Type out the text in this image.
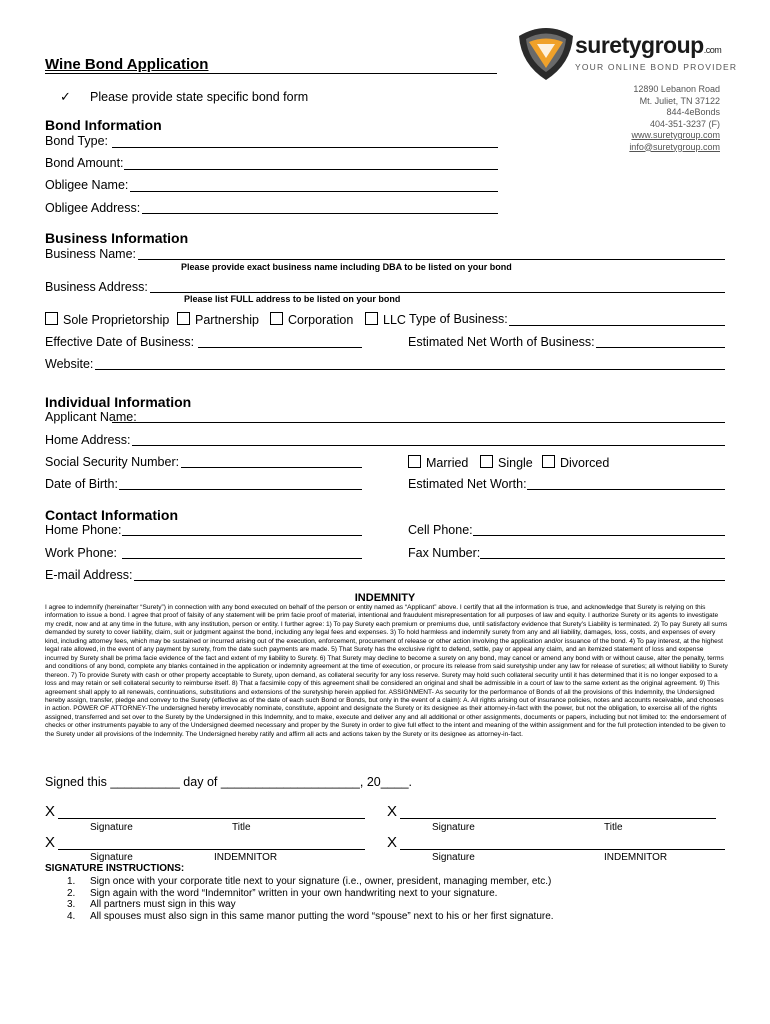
Wine Bond Application
✓ Please provide state specific bond form
suretygroup.com
YOUR ONLINE BOND PROVIDER
12890 Lebanon Road
Mt. Juliet, TN 37122
844-4eBonds
404-351-3237 (F)
www.suretygroup.com
info@suretygroup.com
Bond Information
Bond Type:
Bond Amount:
Obligee Name:
Obligee Address:
Business Information
Business Name:
Please provide exact business name including DBA to be listed on your bond
Business Address:
Please list FULL address to be listed on your bond
Sole Proprietorship	Partnership	Corporation	LLC Type of Business:
Effective Date of Business:	Estimated Net Worth of Business:
Website:
Individual Information
Applicant Name:
Home Address:
Social Security Number:	Married	Single	Divorced
Date of Birth:	Estimated Net Worth:
Contact Information
Home Phone:	Cell Phone:
Work Phone:	Fax Number:
E-mail Address:
INDEMNITY
I agree to indemnify (hereinafter “Surety”) in connection with any bond executed on behalf of the person or entity named as “Applicant” above. I certify that all the information is true, and acknowledge that Surety is relying on this information to issue a bond. I agree that proof of falsity of any statement will be prim facie proof of material, intentional and fraudulent misrepresentation for all purposes of law and equity. I authorize Surety or its agents to investigate my credit, now and at any time in the future, with any institution, person or entity. I further agree: 1) To pay Surety each premium or premiums due, until satisfactory evidence that Surety’s Liability is terminated. 2) To pay Surety all sums demanded by surety to cover liability, claim, suit or judgment against the bond, including any legal fees and expenses. 3) To hold harmless and indemnify surety from any and all liability, damages, loss, costs, and expenses of every kind, including attorney fees, which may be sustained or incurred arising out of the execution, enforcement, procurement of release or other action involving the application and/or issuance of the bond. 4) To pay interest, at the highest legal rate allowed, in the event of any payment by surety, from the date such payments are made. 5) That Surety has the exclusive right to defend, settle, pay or appeal any claim, and an itemized statement of loss and expense incurred by Surety shall be prima facie evidence of the fact and extent of my liability to Surety. 6) That Surety may decline to become a surety on any bond, may cancel or amend any bond with or without cause, alter the penalty, terms and conditions of any bond, complete any blanks contained in the application or indemnity agreement at the time of execution, or procure its release from said suretyship under any law for release of sureties; all without liability to Surety thereon. 7) To provide Surety with cash or other property acceptable to Surety, upon demand, as collateral security for any loss reserve. Surety may hold such collateral security until it has determined that it is no longer exposed to a loss and may retain or sell collateral security to reimburse itself. 8) That a facsimile copy of this agreement shall be considered an original and shall be admissible in a court of law to the same extent as the original agreement. 9) This agreement shall apply to all renewals, continuations, substitutions and extensions of the suretyship herein applied for. ASSIGNMENT- As security for the performance of Bonds of all the provisions of this Indemnity, the Undersigned hereby assign, transfer, pledge and convey to the Surety (effective as of the date of each such Bond or Bonds, but only in the event of a claim): A. All rights arising out of insurance policies, notes and accounts receivable, and chooses in action. POWER OF ATTORNEY-The undersigned hereby irrevocably nominate, constitute, appoint and designate the Surety or its designee as their attorney-in-fact with the power, but not the obligation, to exercise all of the rights assigned, transferred and set over to the Surety by the Undersigned in this Indemnity, and to make, execute and deliver any and all additional or other assignments, documents or papers, including but not limited to: the endorsement of checks or other instruments payable to any of the Undersigned deemed necessary and proper by the Surety in order to give full effect to the intent and meaning of the within assignment and for the full protection intended to be given to the Surety under all provisions of the Indemnity. The Undersigned hereby ratify and affirm all acts and actions taken by the Surety or its designee as attorney-in-fact.
Signed this __________ day of ____________________, 20____.
X	X
Signature	Title	Signature	Title
X	X
Signature	INDEMNITOR	Signature	INDEMNITOR
SIGNATURE INSTRUCTIONS:
1. Sign once with your corporate title next to your signature (i.e., owner, president, managing member, etc.)
2. Sign again with the word “Indemnitor” written in your own handwriting next to your signature.
3. All partners must sign in this way
4. All spouses must also sign in this same manor putting the word “spouse” next to his or her first signature.
